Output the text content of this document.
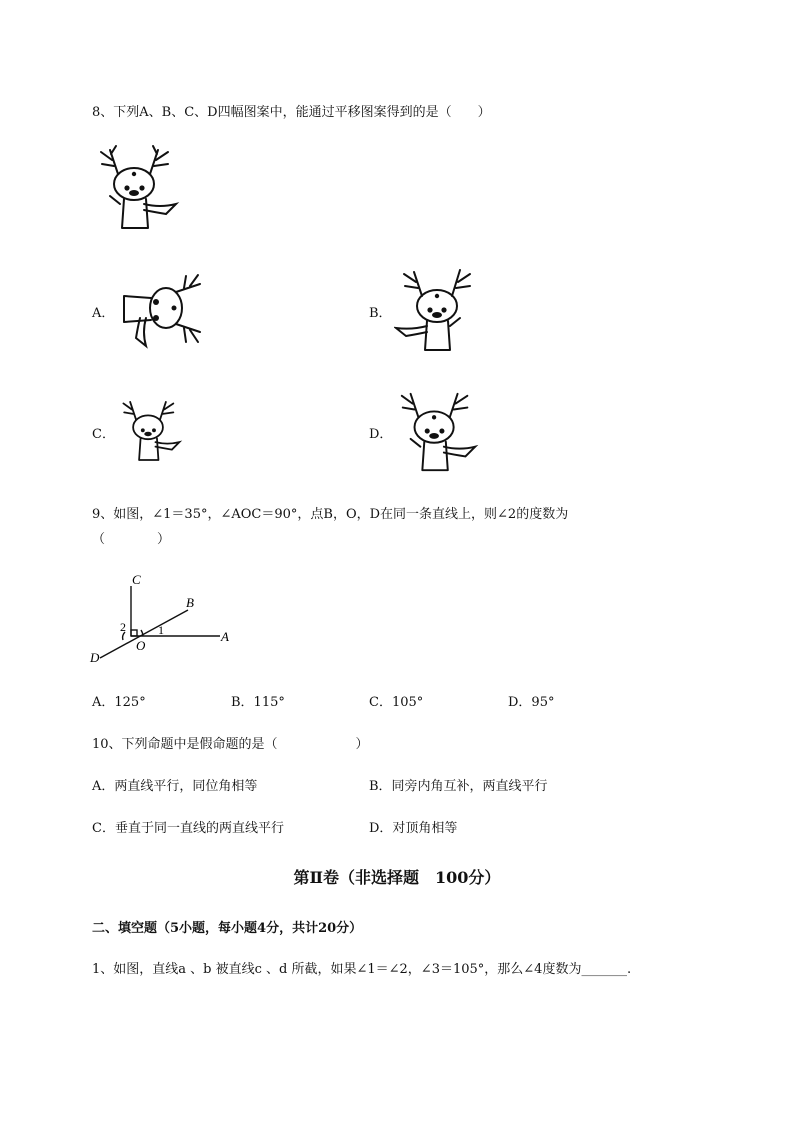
8、下列A、B、C、D四幅图案中，能通过平移图案得到的是（　　）
A．	B．
C．	D．
9、如图，∠1＝35°，∠AOC＝90°，点B，O，D在同一条直线上，则∠2的度数为
（　　　　）
C
B
A
D
O
1
2
A．125°	B．115°	C．105°	D．95°
10、下列命题中是假命题的是（　　　　　　）
A．两直线平行，同位角相等	B．同旁内角互补，两直线平行
C．垂直于同一直线的两直线平行	D．对顶角相等
第Ⅱ卷（非选择题　100分）
二、填空题（5小题，每小题4分，共计20分）
1、如图，直线a 、b 被直线c 、d 所截，如果∠1＝∠2，∠3＝105°，那么∠4度数为_______.
